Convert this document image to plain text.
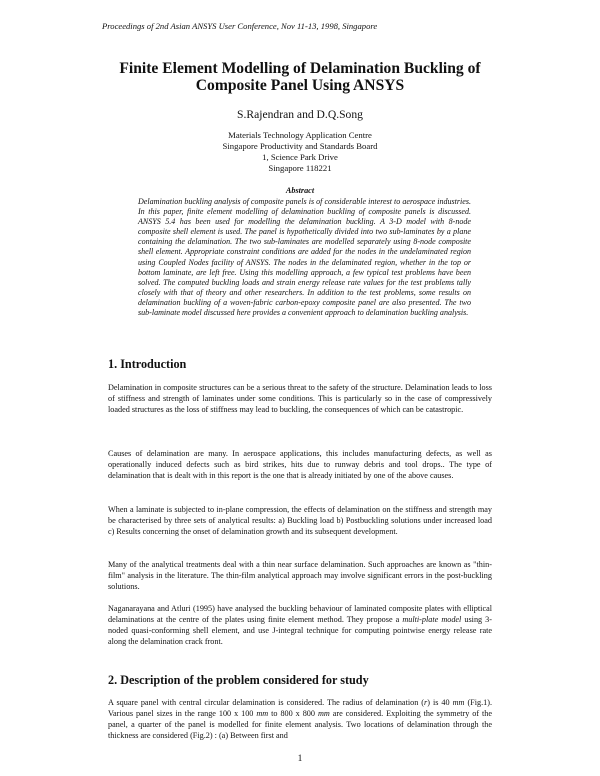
Proceedings of 2nd Asian ANSYS User Conference, Nov 11-13, 1998, Singapore
Finite Element Modelling of Delamination Buckling of
Composite Panel Using ANSYS
S.Rajendran and D.Q.Song
Materials Technology Application Centre
Singapore Productivity and Standards Board
1, Science Park Drive
Singapore 118221
Abstract
Delamination buckling analysis of composite panels is of considerable interest to aerospace industries. In this paper, finite element modelling of delamination buckling of composite panels is discussed. ANSYS 5.4 has been used for modelling the delamination buckling. A 3-D model with 8-node composite shell element is used. The panel is hypothetically divided into two sub-laminates by a plane containing the delamination. The two sub-laminates are modelled separately using 8-node composite shell element. Appropriate constraint conditions are added for the nodes in the undelaminated region using Coupled Nodes facility of ANSYS. The nodes in the delaminated region, whether in the top or bottom laminate, are left free. Using this modelling approach, a few typical test problems have been solved. The computed buckling loads and strain energy release rate values for the test problems tally closely with that of theory and other researchers. In addition to the test problems, some results on delamination buckling of a woven-fabric carbon-epoxy composite panel are also presented. The two sub-laminate model discussed here provides a convenient approach to delamination buckling analysis.
1. Introduction
Delamination in composite structures can be a serious threat to the safety of the structure. Delamination leads to loss of stiffness and strength of laminates under some conditions. This is particularly so in the case of compressively loaded structures as the loss of stiffness may lead to buckling, the consequences of which can be catastropic.
Causes of delamination are many. In aerospace applications, this includes manufacturing defects, as well as operationally induced defects such as bird strikes, hits due to runway debris and tool drops.. The type of delamination that is dealt with in this report is the one that is already initiated by one of the above causes.
When a laminate is subjected to in-plane compression, the effects of delamination on the stiffness and strength may be characterised by three sets of analytical results: a) Buckling load b) Postbuckling solutions under increased load c) Results concerning the onset of delamination growth and its subsequent development.
Many of the analytical treatments deal with a thin near surface delamination. Such approaches are known as "thin-film" analysis in the literature. The thin-film analytical approach may involve significant errors in the post-buckling solutions.
Naganarayana and Atluri (1995) have analysed the buckling behaviour of laminated composite plates with elliptical delaminations at the centre of the plates using finite element method. They propose a multi-plate model using 3-noded quasi-conforming shell element, and use J-integral technique for computing pointwise energy release rate along the delamination crack front.
2. Description of the problem considered for study
A square panel with central circular delamination is considered. The radius of delamination (r) is 40 mm (Fig.1). Various panel sizes in the range 100 x 100 mm to 800 x 800 mm are considered. Exploiting the symmetry of the panel, a quarter of the panel is modelled for finite element analysis. Two locations of delamination through the thickness are considered (Fig.2) : (a) Between first and
1
